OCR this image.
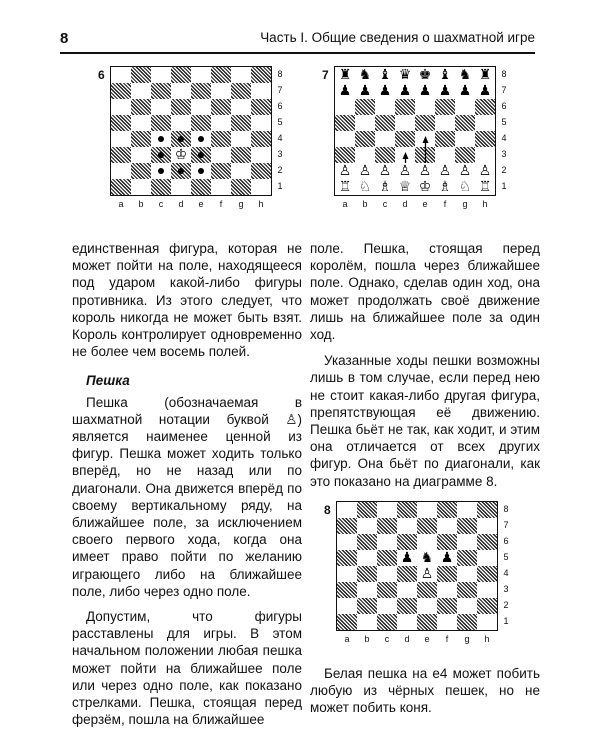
8	Часть I. Общие сведения о шахматной игре
6
♔
8
7
6
5
4
3
2
1
a	b	c	d	e	f	g	h
7 ♜ ♞ ♝ ♛ ♚ ♝ ♞ ♜
♟ ♟ ♟ ♟ ♟ ♟ ♟ ♟
♙ ♙ ♙ ♙ ♙ ♙ ♙ ♙
♖ ♘ ♗ ♕ ♔ ♗ ♘ ♖
8
7
6
5
4
3
2
1
a	b	c	d	e	f	g	h
8
♟ ♞ ♟
♙
8
7
6
5
4
3
2
1
a	b	c	d	e	f	g	h

единственная фигура, которая не может пойти на поле, находящееся под ударом какой-либо фигуры противника. Из этого следует, что король никогда не может быть взят. Король контролирует одновременно не более чем восемь полей.

Пешка

Пешка (обозначаемая в шахматной нотации буквой ♙) является наименее ценной из фигур. Пешка может ходить только вперёд, но не назад или по диагонали. Она движется вперёд по своему вертикальному ряду, на ближайшее поле, за исключением своего первого хода, когда она имеет право пойти по желанию играющего либо на ближайшее поле, либо через одно поле.

Допустим, что фигуры расставлены для игры. В этом начальном положении любая пешка может пойти на ближайшее поле или через одно поле, как показано стрелками. Пешка, стоящая перед ферзём, пошла на ближайшее

поле. Пешка, стоящая перед королём, пошла через ближайшее поле. Однако, сделав один ход, она может продолжать своё движение лишь на ближайшее поле за один ход.

Указанные ходы пешки возможны лишь в том случае, если перед нею не стоит какая-либо другая фигура, препятствующая её движению. Пешка бьёт не так, как ходит, и этим она отличается от всех других фигур. Она бьёт по диагонали, как это показано на диаграмме 8.

Белая пешка на е4 может побить любую из чёрных пешек, но не может побить коня.
